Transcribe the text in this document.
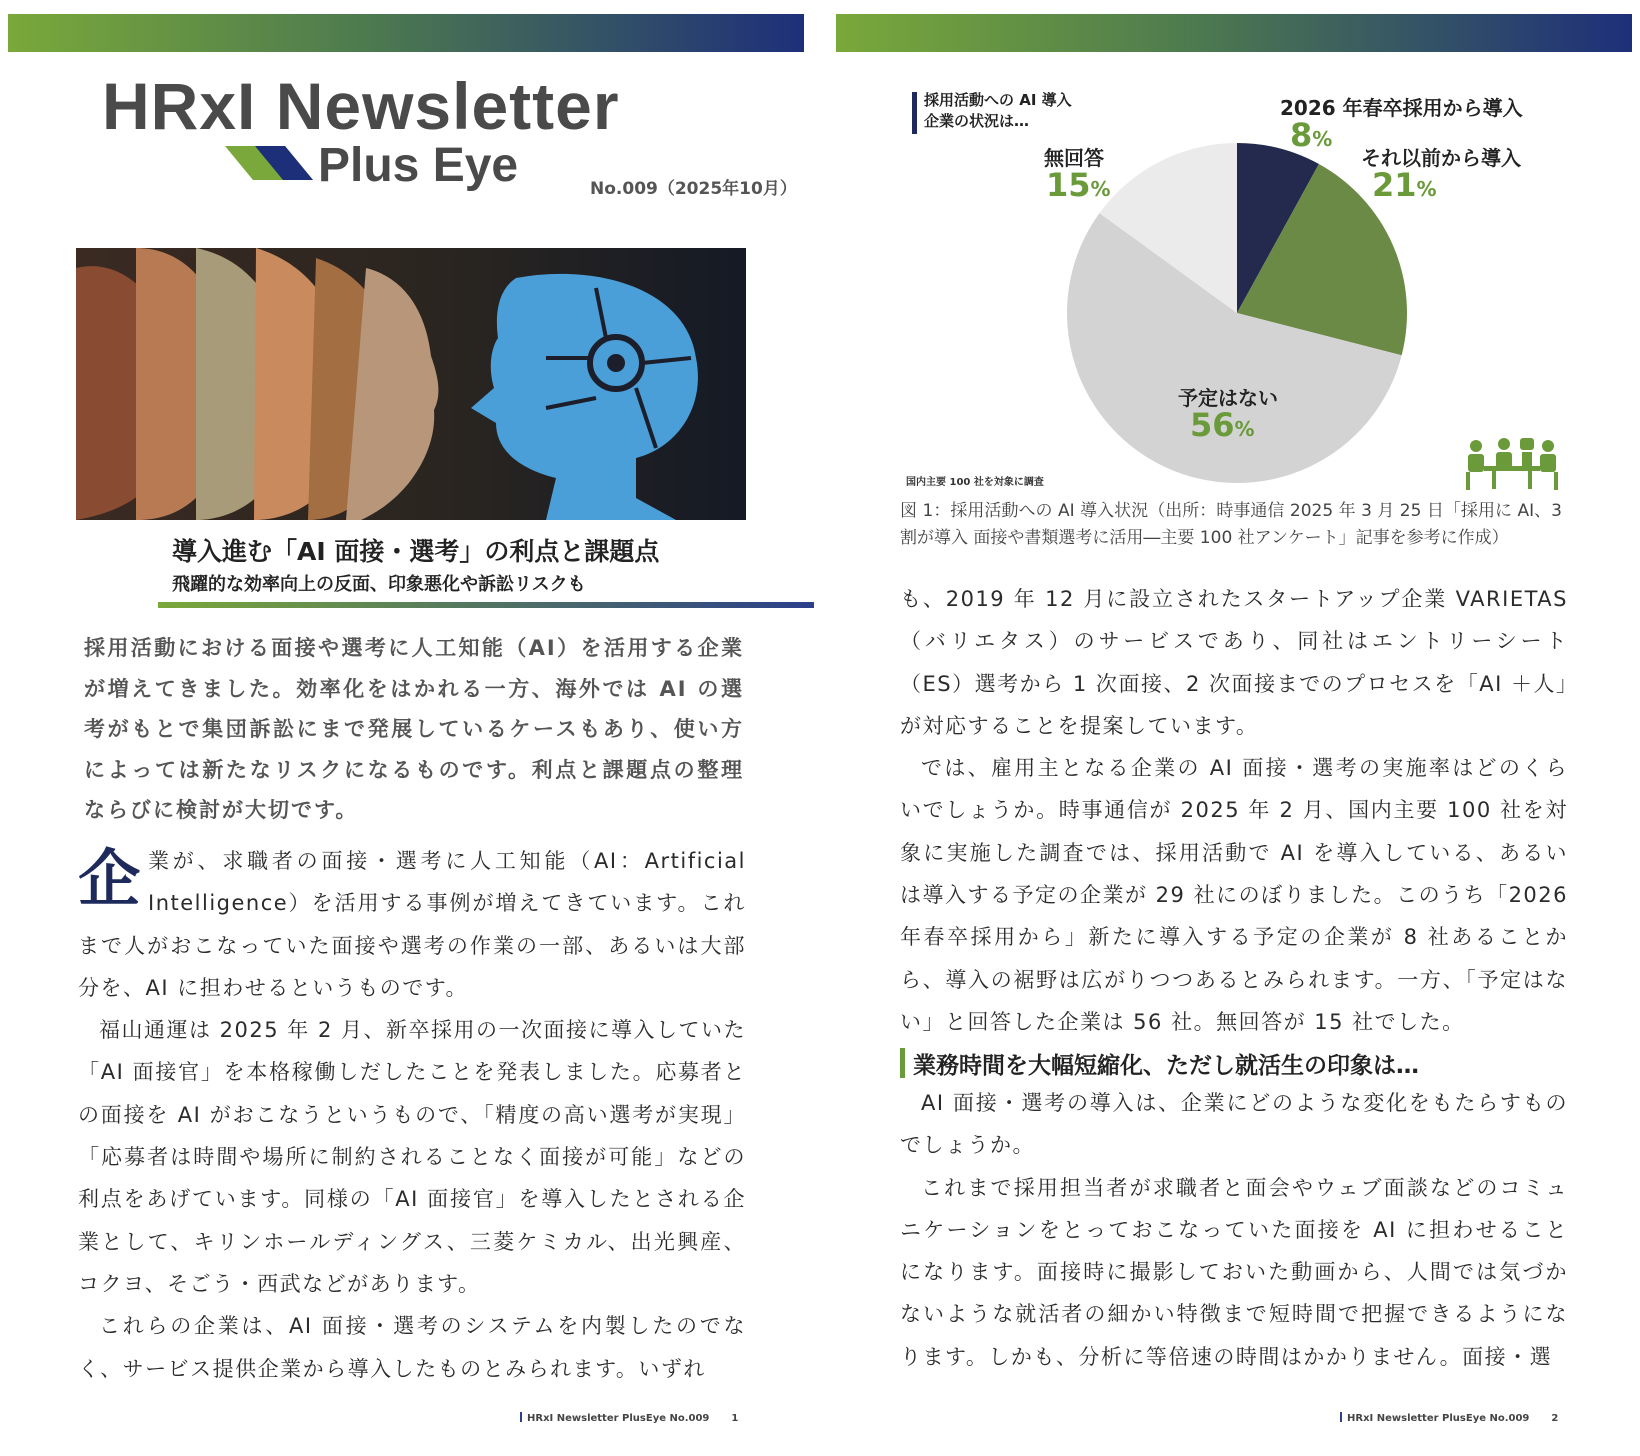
HRxI Newsletter
Plus Eye	No.009（2025年10月）
導入進む「AI 面接・選考」の利点と課題点
飛躍的な効率向上の反面、印象悪化や訴訟リスクも
採用活動における面接や選考に人工知能（AI）を活用する企業が増えてきました。効率化をはかれる一方、海外では AI の選考がもとで集団訴訟にまで発展しているケースもあり、使い方によっては新たなリスクになるものです。利点と課題点の整理ならびに検討が大切です。

企 業が、求職者の面接・選考に人工知能（AI：Artificial Intelligence）を活用する事例が増えてきています。これまで人がおこなっていた面接や選考の作業の一部、あるいは大部分を、AI に担わせるというものです。

福山通運は 2025 年 2 月、新卒採用の一次面接に導入していた「AI 面接官」を本格稼働しだしたことを発表しました。応募者との面接を AI がおこなうというもので、「精度の高い選考が実現」「応募者は時間や場所に制約されることなく面接が可能」などの利点をあげています。同様の「AI 面接官」を導入したとされる企業として、キリンホールディングス、三菱ケミカル、出光興産、コクヨ、そごう・西武などがあります。

これらの企業は、AI 面接・選考のシステムを内製したのでなく、サービス提供企業から導入したものとみられます。いずれ

HRxI Newsletter PlusEye No.009 1
採用活動への AI 導入
企業の状況は…
2026 年春卒採用から導入
8%
それ以前から導入
21%
無回答
15%
予定はない
56%
国内主要 100 社を対象に調査
図 1：採用活動への AI 導入状況（出所：時事通信 2025 年 3 月 25 日「採用に AI、3 割が導入 面接や書類選考に活用―主要 100 社アンケート」記事を参考に作成）

も、2019 年 12 月に設立されたスタートアップ企業 VARIETAS（バリエタス）のサービスであり、同社はエントリーシート（ES）選考から 1 次面接、2 次面接までのプロセスを「AI ＋人」が対応することを提案しています。

では、雇用主となる企業の AI 面接・選考の実施率はどのくらいでしょうか。時事通信が 2025 年 2 月、国内主要 100 社を対象に実施した調査では、採用活動で AI を導入している、あるいは導入する予定の企業が 29 社にのぼりました。このうち「2026 年春卒採用から」新たに導入する予定の企業が 8 社あることから、導入の裾野は広がりつつあるとみられます。一方、「予定はない」と回答した企業は 56 社。無回答が 15 社でした。

業務時間を大幅短縮化、ただし就活生の印象は…

AI 面接・選考の導入は、企業にどのような変化をもたらすものでしょうか。

これまで採用担当者が求職者と面会やウェブ面談などのコミュニケーションをとっておこなっていた面接を AI に担わせることになります。面接時に撮影しておいた動画から、人間では気づかないような就活者の細かい特徴まで短時間で把握できるようになります。しかも、分析に等倍速の時間はかかりません。面接・選

HRxI Newsletter PlusEye No.009 2
